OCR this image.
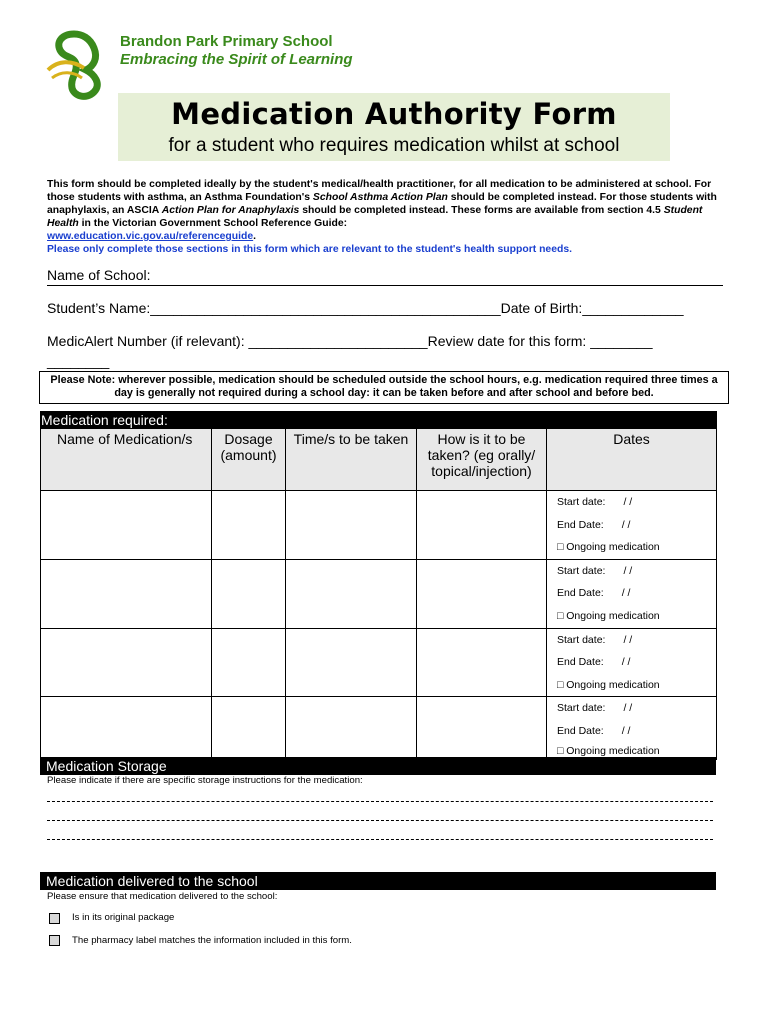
Brandon Park Primary School
Embracing the Spirit of Learning
Medication Authority Form
for a student who requires medication whilst at school
This form should be completed ideally by the student's medical/health practitioner, for all medication to be administered at school. For those students with asthma, an Asthma Foundation's School Asthma Action Plan should be completed instead. For those students with anaphylaxis, an ASCIA Action Plan for Anaphylaxis should be completed instead. These forms are available from section 4.5 Student Health in the Victorian Government School Reference Guide:
www.education.vic.gov.au/referenceguide.
Please only complete those sections in this form which are relevant to the student's health support needs.
Name of School:
Student’s Name:_____________________________________________Date of Birth:_____________
MedicAlert Number (if relevant): _______________________Review date for this form: ________
________
Please Note: wherever possible, medication should be scheduled outside the school hours, e.g. medication required three times a day is generally not required during a school day: it can be taken before and after school and before bed.
Medication required:				
Name of Medication/s	Dosage (amount)	Time/s to be taken	How is it to be taken? (eg orally/ topical/injection)	Dates

				Start date: / /
End Date: / /
□ Ongoing medication

				Start date: / /
End Date: / /
□ Ongoing medication

				Start date: / /
End Date: / /
□ Ongoing medication

				Start date: / /
End Date: / /
□ Ongoing medication
Medication Storage
Please indicate if there are specific storage instructions for the medication:
Medication delivered to the school
Please ensure that medication delivered to the school:
Is in its original package
The pharmacy label matches the information included in this form.
